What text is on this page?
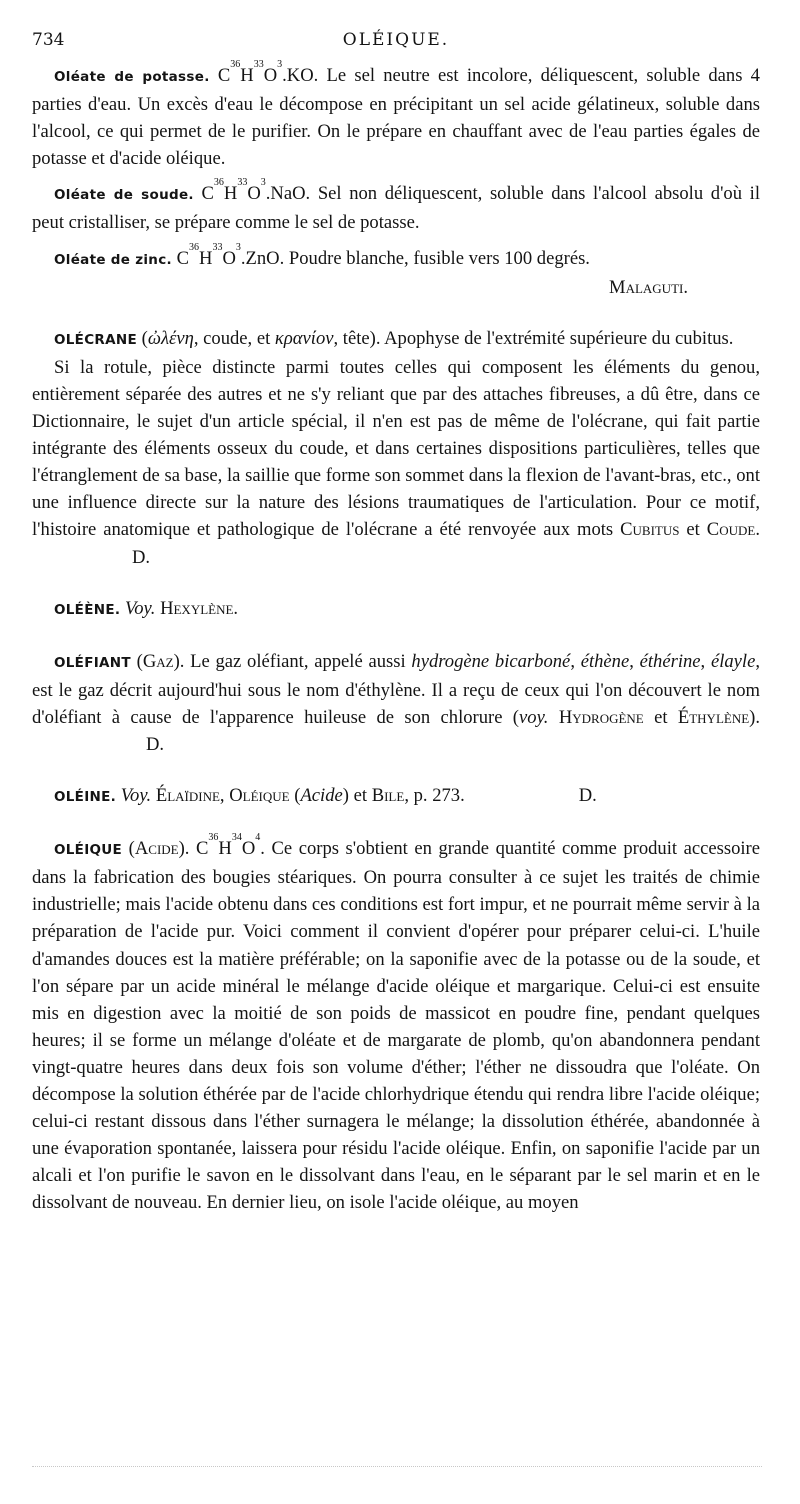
734	OLÉIQUE.

Oléate de potasse. $C^{36}H^{33}O^3.KO$. Le sel neutre est incolore, déliquescent, soluble dans 4 parties d'eau. Un excès d'eau le décompose en précipitant un sel acide gélatineux, soluble dans l'alcool, ce qui permet de le purifier. On le prépare en chauffant avec de l'eau parties égales de potasse et d'acide oléique.

Oléate de soude. $C^{36}H^{33}O^3.NaO$. Sel non déliquescent, soluble dans l'alcool absolu d'où il peut cristalliser, se prépare comme le sel de potasse.

Oléate de zinc. $C^{36}H^{33}O^3.ZnO$. Poudre blanche, fusible vers 100 degrés.

Malaguti.

OLÉCRANE (ὠλένη, coude, et κρανίον, tête). Apophyse de l'extrémité supérieure du cubitus.

Si la rotule, pièce distincte parmi toutes celles qui composent les éléments du genou, entièrement séparée des autres et ne s'y reliant que par des attaches fibreuses, a dû être, dans ce Dictionnaire, le sujet d'un article spécial, il n'en est pas de même de l'olécrane, qui fait partie intégrante des éléments osseux du coude, et dans certaines dispositions particulières, telles que l'étranglement de sa base, la saillie que forme son sommet dans la flexion de l'avant-bras, etc., ont une influence directe sur la nature des lésions traumatiques de l'articulation. Pour ce motif, l'histoire anatomique et pathologique de l'olécrane a été renvoyée aux mots Cubitus et Coude.D.

OLÉÈNE. Voy. Hexylène.

OLÉFIANT (Gaz). Le gaz oléfiant, appelé aussi hydrogène bicarboné, éthène, éthérine, élayle, est le gaz décrit aujourd'hui sous le nom d'éthylène. Il a reçu de ceux qui l'on découvert le nom d'oléfiant à cause de l'apparence huileuse de son chlorure (voy. Hydrogène et Éthylène).D.

OLÉINE. Voy. Élaïdine, Oléique (Acide) et Bile, p. 273.	D.

OLÉIQUE (Acide). $C^{36}H^{34}O^4$. Ce corps s'obtient en grande quantité comme produit accessoire dans la fabrication des bougies stéariques. On pourra consulter à ce sujet les traités de chimie industrielle; mais l'acide obtenu dans ces conditions est fort impur, et ne pourrait même servir à la préparation de l'acide pur. Voici comment il convient d'opérer pour préparer celui-ci. L'huile d'amandes douces est la matière préférable; on la saponifie avec de la potasse ou de la soude, et l'on sépare par un acide minéral le mélange d'acide oléique et margarique. Celui-ci est ensuite mis en digestion avec la moitié de son poids de massicot en poudre fine, pendant quelques heures; il se forme un mélange d'oléate et de margarate de plomb, qu'on abandonnera pendant vingt-quatre heures dans deux fois son volume d'éther; l'éther ne dissoudra que l'oléate. On décompose la solution éthérée par de l'acide chlorhydrique étendu qui rendra libre l'acide oléique; celui-ci restant dissous dans l'éther surnagera le mélange; la dissolution éthérée, abandonnée à une évaporation spontanée, laissera pour résidu l'acide oléique. Enfin, on saponifie l'acide par un alcali et l'on purifie le savon en le dissolvant dans l'eau, en le séparant par le sel marin et en le dissolvant de nouveau. En dernier lieu, on isole l'acide oléique, au moyen
